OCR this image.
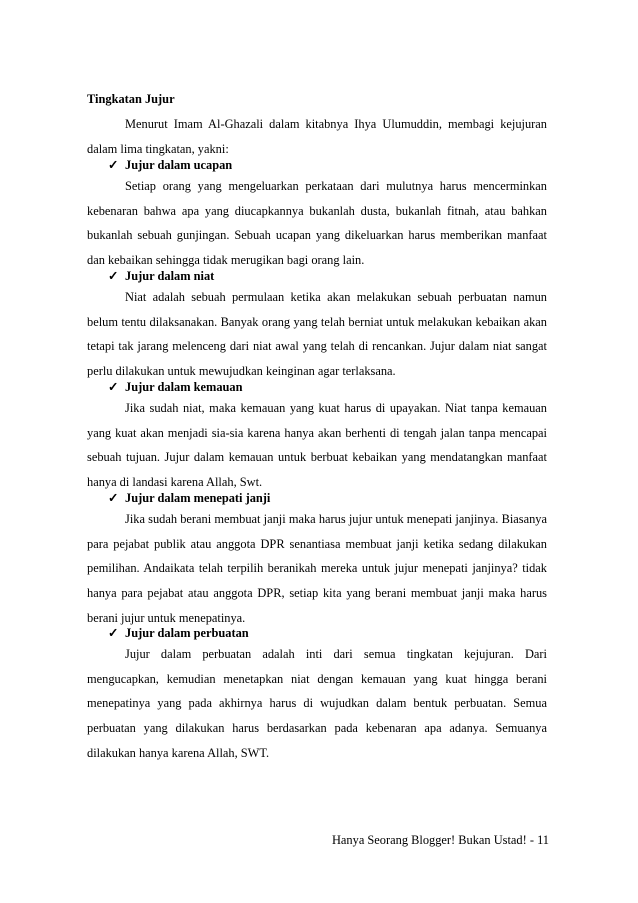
Tingkatan Jujur
Menurut Imam Al-Ghazali dalam kitabnya Ihya Ulumuddin, membagi kejujuran dalam lima tingkatan, yakni:
✓ Jujur dalam ucapan
Setiap orang yang mengeluarkan perkataan dari mulutnya harus mencerminkan kebenaran bahwa apa yang diucapkannya bukanlah dusta, bukanlah fitnah, atau bahkan bukanlah sebuah gunjingan. Sebuah ucapan yang dikeluarkan harus memberikan manfaat dan kebaikan sehingga tidak merugikan bagi orang lain.
✓ Jujur dalam niat
Niat adalah sebuah permulaan ketika akan melakukan sebuah perbuatan namun belum tentu dilaksanakan. Banyak orang yang telah berniat untuk melakukan kebaikan akan tetapi tak jarang melenceng dari niat awal yang telah di rencankan. Jujur dalam niat sangat perlu dilakukan untuk mewujudkan keinginan agar terlaksana.
✓ Jujur dalam kemauan
Jika sudah niat, maka kemauan yang kuat harus di upayakan. Niat tanpa kemauan yang kuat akan menjadi sia-sia karena hanya akan berhenti di tengah jalan tanpa mencapai sebuah tujuan. Jujur dalam kemauan untuk berbuat kebaikan yang mendatangkan manfaat hanya di landasi karena Allah, Swt.
✓ Jujur dalam menepati janji
Jika sudah berani membuat janji maka harus jujur untuk menepati janjinya. Biasanya para pejabat publik atau anggota DPR senantiasa membuat janji ketika sedang dilakukan pemilihan. Andaikata telah terpilih beranikah mereka untuk jujur menepati janjinya? tidak hanya para pejabat atau anggota DPR, setiap kita yang berani membuat janji maka harus berani jujur untuk menepatinya.
✓ Jujur dalam perbuatan
Jujur dalam perbuatan adalah inti dari semua tingkatan kejujuran. Dari mengucapkan, kemudian menetapkan niat dengan kemauan yang kuat hingga berani menepatinya yang pada akhirnya harus di wujudkan dalam bentuk perbuatan. Semua perbuatan yang dilakukan harus berdasarkan pada kebenaran apa adanya. Semuanya dilakukan hanya karena Allah, SWT.
Hanya Seorang Blogger! Bukan Ustad! - 11
